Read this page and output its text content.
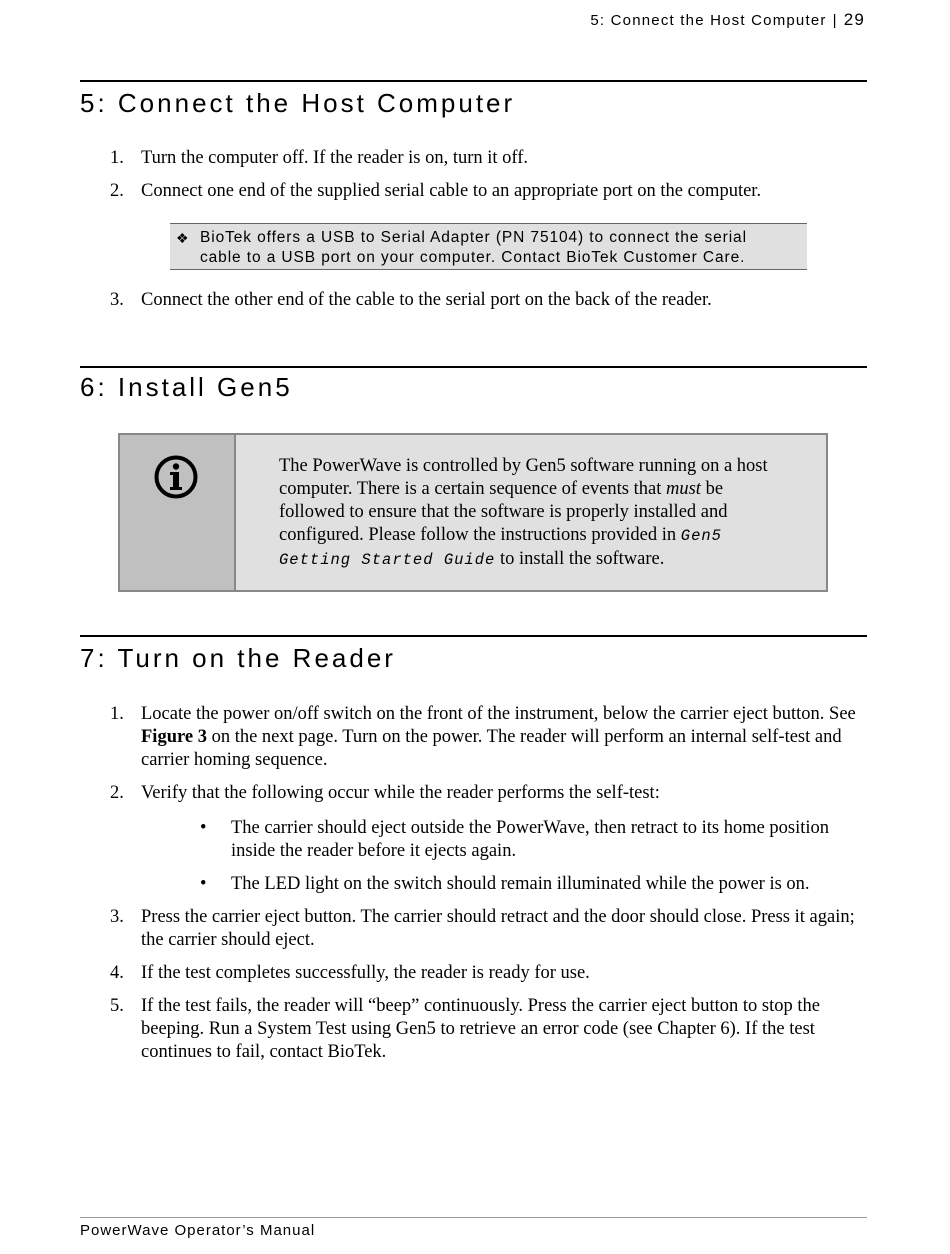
5: Connect the Host Computer | 29
5: Connect the Host Computer
1. Turn the computer off. If the reader is on, turn it off.
2. Connect one end of the supplied serial cable to an appropriate port on the computer.
❖ BioTek offers a USB to Serial Adapter (PN 75104) to connect the serial
cable to a USB port on your computer. Contact BioTek Customer Care.
3. Connect the other end of the cable to the serial port on the back of the reader.
6: Install Gen5
The PowerWave is controlled by Gen5 software running on a host computer. There is a certain sequence of events that must be followed to ensure that the software is properly installed and configured. Please follow the instructions provided in Gen5 Getting Started Guide to install the software.
7: Turn on the Reader
1. Locate the power on/off switch on the front of the instrument, below the carrier eject button. See Figure 3 on the next page. Turn on the power. The reader will perform an internal self-test and carrier homing sequence.
2. Verify that the following occur while the reader performs the self-test:
• The carrier should eject outside the PowerWave, then retract to its home position inside the reader before it ejects again.
• The LED light on the switch should remain illuminated while the power is on.
3. Press the carrier eject button. The carrier should retract and the door should close. Press it again; the carrier should eject.
4. If the test completes successfully, the reader is ready for use.
5. If the test fails, the reader will “beep” continuously. Press the carrier eject button to stop the beeping. Run a System Test using Gen5 to retrieve an error code (see Chapter 6). If the test continues to fail, contact BioTek.
PowerWave Operator’s Manual
